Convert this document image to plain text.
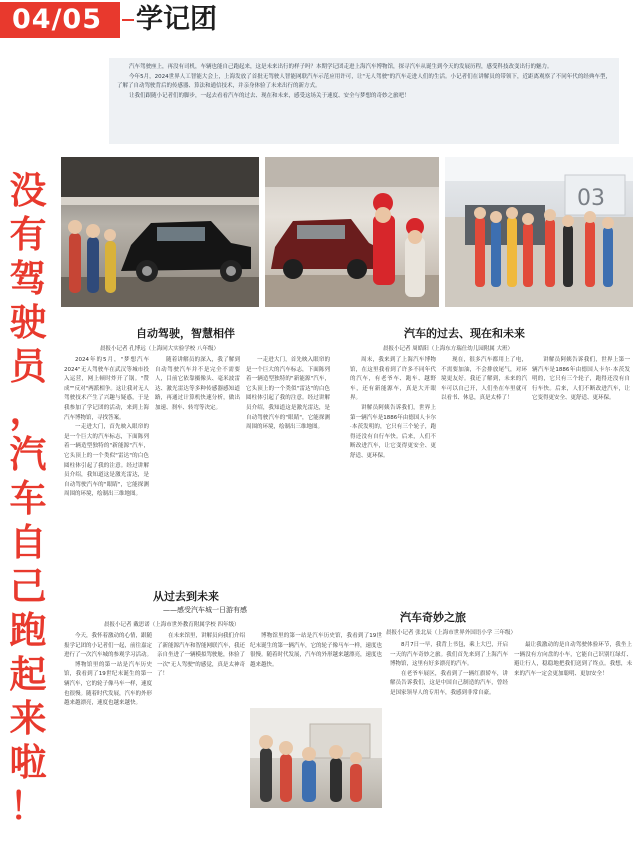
04/05	学记团

汽车驾驶座上，再没有司机，车辆也能自己跑起来，这是未来出行的样子吗？本期学记团走进上海汽车博物馆，探寻汽车从诞生到今天的发展历程，感受科技改变出行的魅力。

今年5月，2024世界人工智能大会上，上海发放了首批无驾驶人智能网联汽车示范应用许可，让"无人驾驶"的汽车走进人们的生活。小记者们在讲解员的带领下，近距离观察了不同年代的经典车型，了解了自动驾驶背后的传感器、算法和通信技术，并亲身体验了未来出行的新方式。

让我们跟随小记者们的脚步，一起去看看汽车的过去、现在和未来，感受这场关于速度、安全与梦想的奇妙之旅吧！

没
有
驾
驶
员
，
汽
车
自
己
跑
起
来
啦
！
03
自动驾驶，智慧相伴
晨报小记者 孔博远（上海同大实验学校 八年级）

2024年的5月，"梦想汽车2024"无人驾驶车在武汉等城市投入运营，网上顿时炸开了锅。"赞成""反对"两派相争。这让我对无人驾驶技术产生了兴趣与疑惑，于是我参加了学记团的活动，来到上海汽车博物馆，寻找答案。

一走进大门，首先映入眼帘的是一个巨大的汽车标志，下面陈列着一辆造型独特的"新能源"汽车，它头顶上的一个类似"雷达"的白色圆柱体引起了我的注意。经过讲解员介绍，我知道这是激光雷达，是自动驾驶汽车的"眼睛"，它能探测周围的环境，绘制出三维地图。

随着讲解员的深入，我了解到自动驾驶汽车并不是完全不需要人，目前它依靠摄像头、毫米波雷达、激光雷达等多种传感器感知道路，再通过计算机快速分析，做出加速、刹车、转弯等决定。

一走进大门，首先映入眼帘的是一个巨大的汽车标志，下面陈列着一辆造型独特的"新能源"汽车，它头顶上的一个类似"雷达"的白色圆柱体引起了我的注意。经过讲解员介绍，我知道这是激光雷达，是自动驾驶汽车的"眼睛"，它能探测周围的环境，绘制出三维地图。

从过去到未来
——感受汽车城一日游有感
晨报小记者 戴思诺（上海市世外教育附属学校 四年级）

今天，我怀着激动的心情，跟随报学记团的小记者们一起，前往嘉定进行了一次汽车城的参观学习活动。

博物馆里的第一站是汽车历史馆，我看到了19世纪末诞生的第一辆汽车，它的轮子像马车一样，速度也很慢。随着时代发展，汽车的外形越来越漂亮，速度也越来越快。

在未来馆里，讲解员向我们介绍了新能源汽车和智能网联汽车，我还亲自坐进了一辆模拟驾驶舱，体验了一次"无人驾驶"的感觉，真是太神奇了！

博物馆里的第一站是汽车历史馆，我看到了19世纪末诞生的第一辆汽车，它的轮子像马车一样，速度也很慢。随着时代发展，汽车的外形越来越漂亮，速度也越来越快。

汽车的过去、现在和未来
晨报小记者 周皓阳（上海东方瑞仕幼儿园附属 大班）

周末，我来到了上海汽车博物馆，在这里我看到了许多不同年代的汽车，有老爷车、跑车、越野车，还有新能源车，真是大开眼界。

讲解员阿姨告诉我们，世界上第一辆汽车是1886年由德国人卡尔·本茨发明的，它只有三个轮子，跑得还没有自行车快。后来，人们不断改进汽车，让它变得更安全、更舒适、更环保。

现在，很多汽车都用上了电，不需要加油，不会排放尾气，对环境更友好。我还了解到，未来的汽车可以自己开，人们坐在车里就可以看书、休息，真是太棒了！

讲解员阿姨告诉我们，世界上第一辆汽车是1886年由德国人卡尔·本茨发明的，它只有三个轮子，跑得还没有自行车快。后来，人们不断改进汽车，让它变得更安全、更舒适、更环保。

汽车奇妙之旅
晨报小记者 张北辰（上海市世界外国语小学 三年级）

8月7日一早，我背上书包，乘上大巴，开启一天的汽车奇妙之旅。我们首先来到了上海汽车博物馆，这里有好多漂亮的汽车。

在老爷车展区，我看到了一辆红旗轿车，讲解员告诉我们，这是中国自己制造的汽车，曾经是国家领导人的专用车，我感到非常自豪。

最让我激动的是自动驾驶体验环节，我坐上一辆没有方向盘的小车，它能自己识别红绿灯、避让行人，稳稳地把我们送到了终点。我想，未来的汽车一定会更加聪明、更加安全！
